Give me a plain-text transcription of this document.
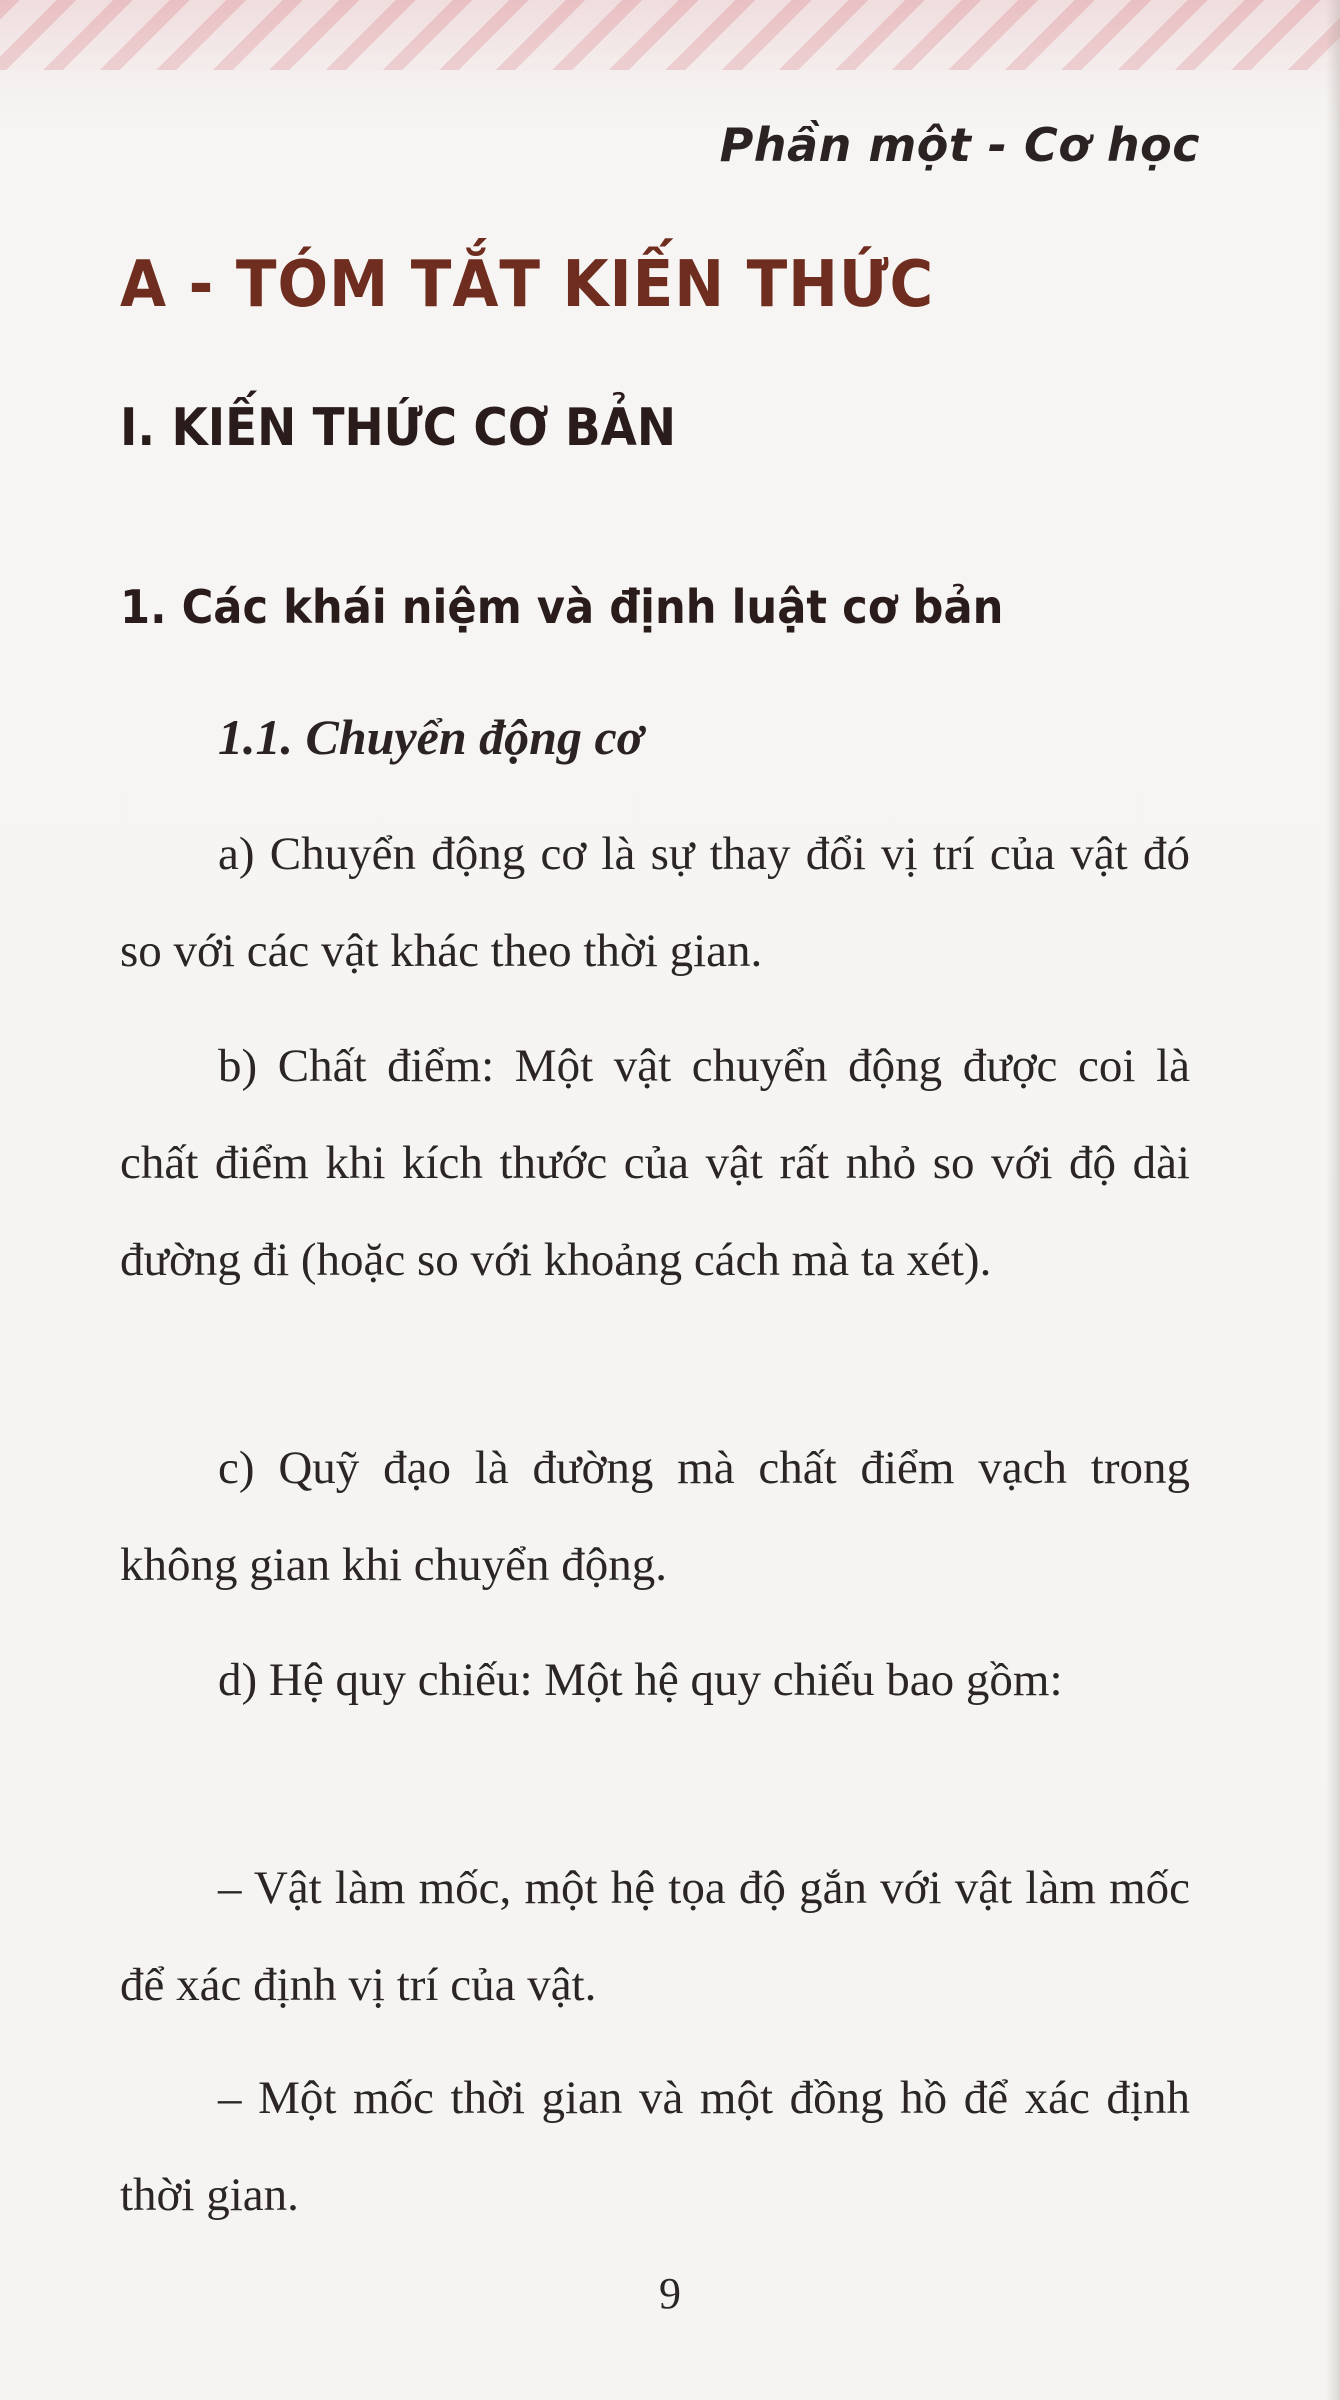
Phần một - Cơ học
A - TÓM TẮT KIẾN THỨC
I. KIẾN THỨC CƠ BẢN
1. Các khái niệm và định luật cơ bản
1.1. Chuyển động cơ

a) Chuyển động cơ là sự thay đổi vị trí của vật đó so với các vật khác theo thời gian.

b) Chất điểm: Một vật chuyển động được coi là chất điểm khi kích thước của vật rất nhỏ so với độ dài đường đi (hoặc so với khoảng cách mà ta xét).

c) Quỹ đạo là đường mà chất điểm vạch trong không gian khi chuyển động.

d) Hệ quy chiếu: Một hệ quy chiếu bao gồm:

– Vật làm mốc, một hệ tọa độ gắn với vật làm mốc để xác định vị trí của vật.

– Một mốc thời gian và một đồng hồ để xác định thời gian.

9
